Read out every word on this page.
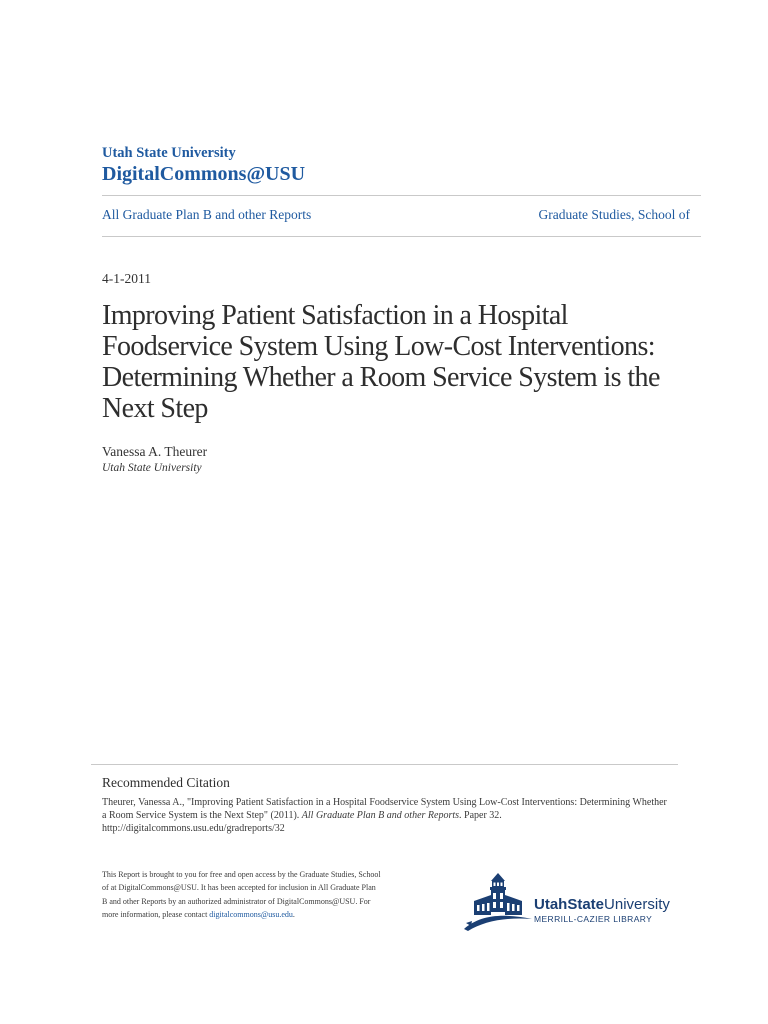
Utah State University
DigitalCommons@USU
All Graduate Plan B and other Reports	Graduate Studies, School of
4-1-2011
Improving Patient Satisfaction in a Hospital Foodservice System Using Low-Cost Interventions: Determining Whether a Room Service System is the Next Step
Vanessa A. Theurer
Utah State University
Recommended Citation
Theurer, Vanessa A., "Improving Patient Satisfaction in a Hospital Foodservice System Using Low-Cost Interventions: Determining Whether a Room Service System is the Next Step" (2011). All Graduate Plan B and other Reports. Paper 32.
http://digitalcommons.usu.edu/gradreports/32
This Report is brought to you for free and open access by the Graduate Studies, School of at DigitalCommons@USU. It has been accepted for inclusion in All Graduate Plan B and other Reports by an authorized administrator of DigitalCommons@USU. For more information, please contact digitalcommons@usu.edu.
UtahStateUniversity
MERRILL-CAZIER LIBRARY
